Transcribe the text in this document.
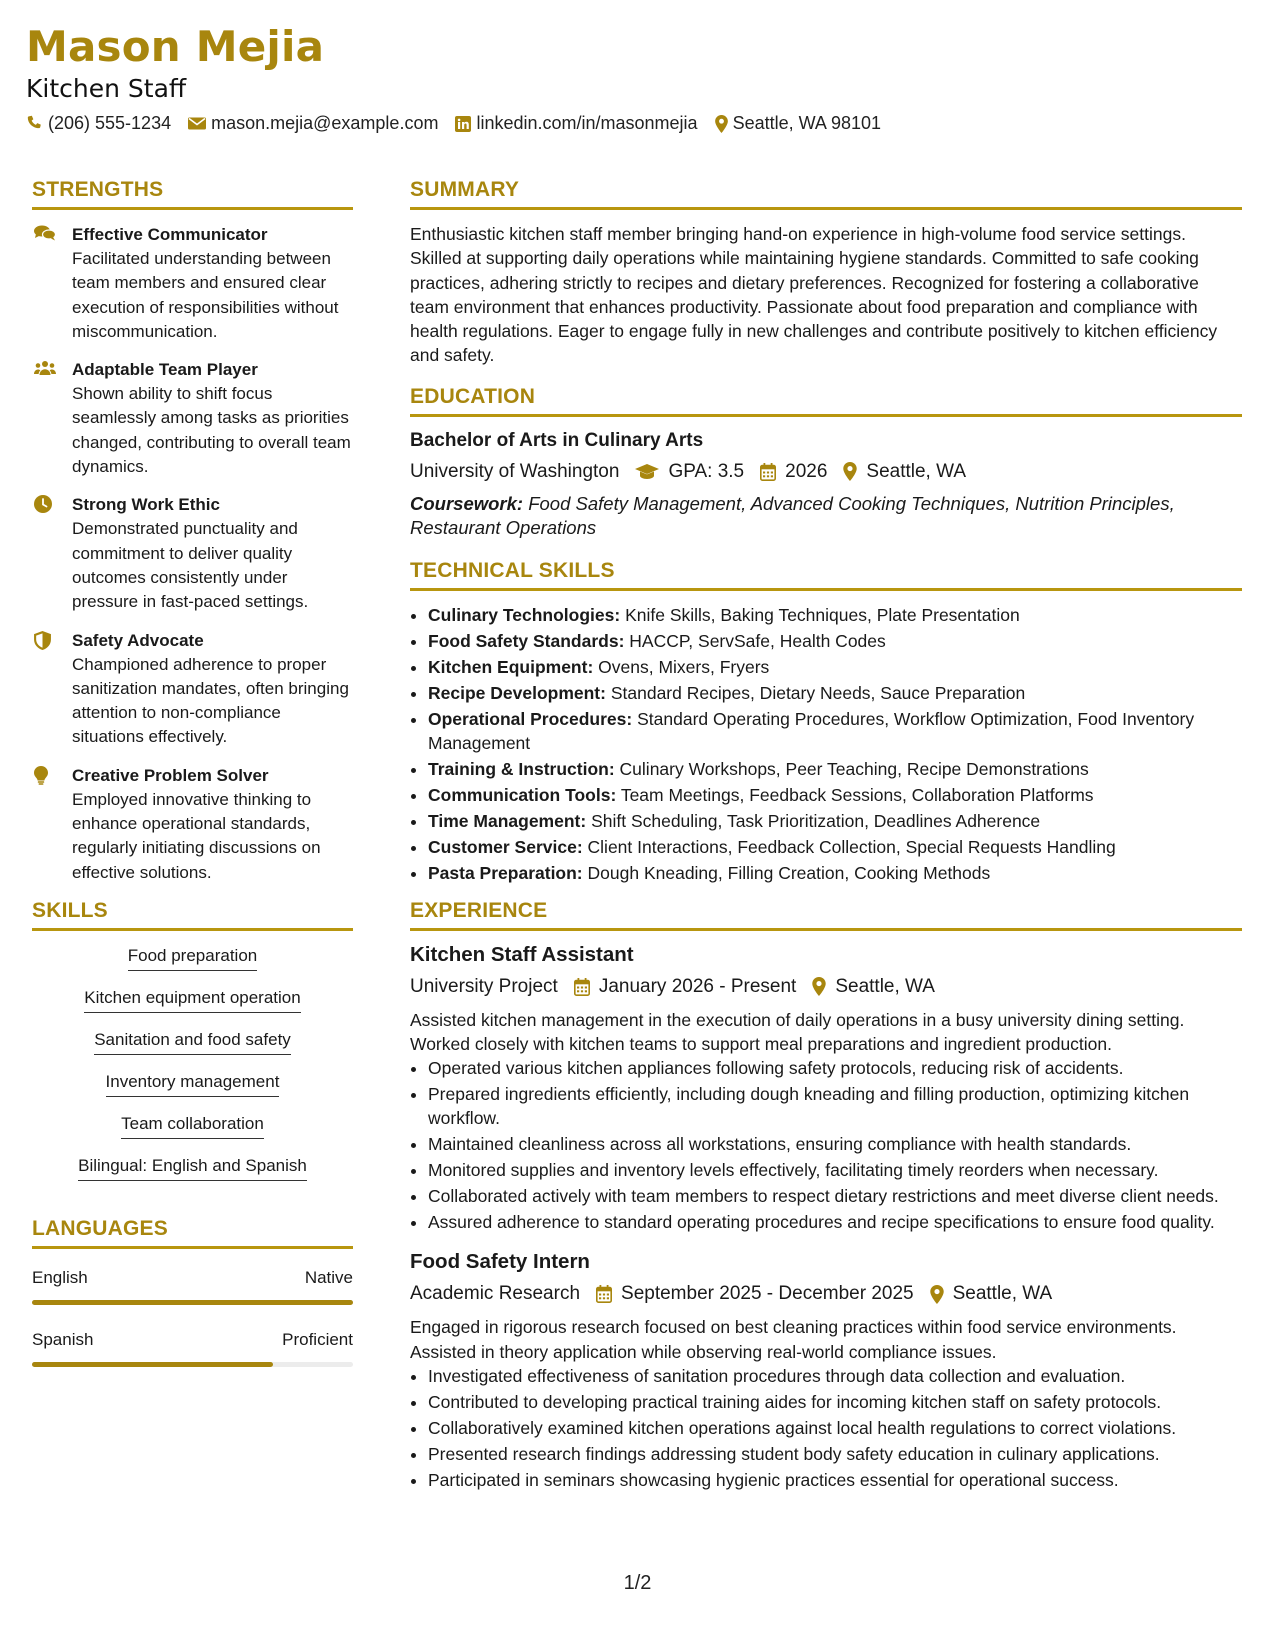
Mason Mejia
Kitchen Staff
(206) 555-1234 mason.mejia@example.com linkedin.com/in/masonmejia Seattle, WA 98101
STRENGTHS
Effective Communicator
Facilitated understanding between team members and ensured clear execution of responsibilities without miscommunication.
Adaptable Team Player
Shown ability to shift focus seamlessly among tasks as priorities changed, contributing to overall team dynamics.
Strong Work Ethic
Demonstrated punctuality and commitment to deliver quality outcomes consistently under pressure in fast-paced settings.
Safety Advocate
Championed adherence to proper sanitization mandates, often bringing attention to non-compliance situations effectively.
Creative Problem Solver
Employed innovative thinking to enhance operational standards, regularly initiating discussions on effective solutions.
SKILLS
Food preparation
Kitchen equipment operation
Sanitation and food safety
Inventory management
Team collaboration
Bilingual: English and Spanish
LANGUAGES
English	Native
Spanish	Proficient
SUMMARY
Enthusiastic kitchen staff member bringing hand-on experience in high-volume food service settings. Skilled at supporting daily operations while maintaining hygiene standards. Committed to safe cooking practices, adhering strictly to recipes and dietary preferences. Recognized for fostering a collaborative team environment that enhances productivity. Passionate about food preparation and compliance with health regulations. Eager to engage fully in new challenges and contribute positively to kitchen efficiency and safety.
EDUCATION
Bachelor of Arts in Culinary Arts
University of Washington	GPA: 3.5 2026 Seattle, WA
Coursework: Food Safety Management, Advanced Cooking Techniques, Nutrition Principles, Restaurant Operations
TECHNICAL SKILLS
• Culinary Technologies: Knife Skills, Baking Techniques, Plate Presentation
• Food Safety Standards: HACCP, ServSafe, Health Codes
• Kitchen Equipment: Ovens, Mixers, Fryers
• Recipe Development: Standard Recipes, Dietary Needs, Sauce Preparation
• Operational Procedures: Standard Operating Procedures, Workflow Optimization, Food Inventory Management
• Training & Instruction: Culinary Workshops, Peer Teaching, Recipe Demonstrations
• Communication Tools: Team Meetings, Feedback Sessions, Collaboration Platforms
• Time Management: Shift Scheduling, Task Prioritization, Deadlines Adherence
• Customer Service: Client Interactions, Feedback Collection, Special Requests Handling
• Pasta Preparation: Dough Kneading, Filling Creation, Cooking Methods
EXPERIENCE
Kitchen Staff Assistant
University Project January 2026 - Present Seattle, WA
Assisted kitchen management in the execution of daily operations in a busy university dining setting. Worked closely with kitchen teams to support meal preparations and ingredient production.
• Operated various kitchen appliances following safety protocols, reducing risk of accidents.
• Prepared ingredients efficiently, including dough kneading and filling production, optimizing kitchen workflow.
• Maintained cleanliness across all workstations, ensuring compliance with health standards.
• Monitored supplies and inventory levels effectively, facilitating timely reorders when necessary.
• Collaborated actively with team members to respect dietary restrictions and meet diverse client needs.
• Assured adherence to standard operating procedures and recipe specifications to ensure food quality.
Food Safety Intern
Academic Research September 2025 - December 2025 Seattle, WA
Engaged in rigorous research focused on best cleaning practices within food service environments. Assisted in theory application while observing real-world compliance issues.
• Investigated effectiveness of sanitation procedures through data collection and evaluation.
• Contributed to developing practical training aides for incoming kitchen staff on safety protocols.
• Collaboratively examined kitchen operations against local health regulations to correct violations.
• Presented research findings addressing student body safety education in culinary applications.
• Participated in seminars showcasing hygienic practices essential for operational success.
1/2
